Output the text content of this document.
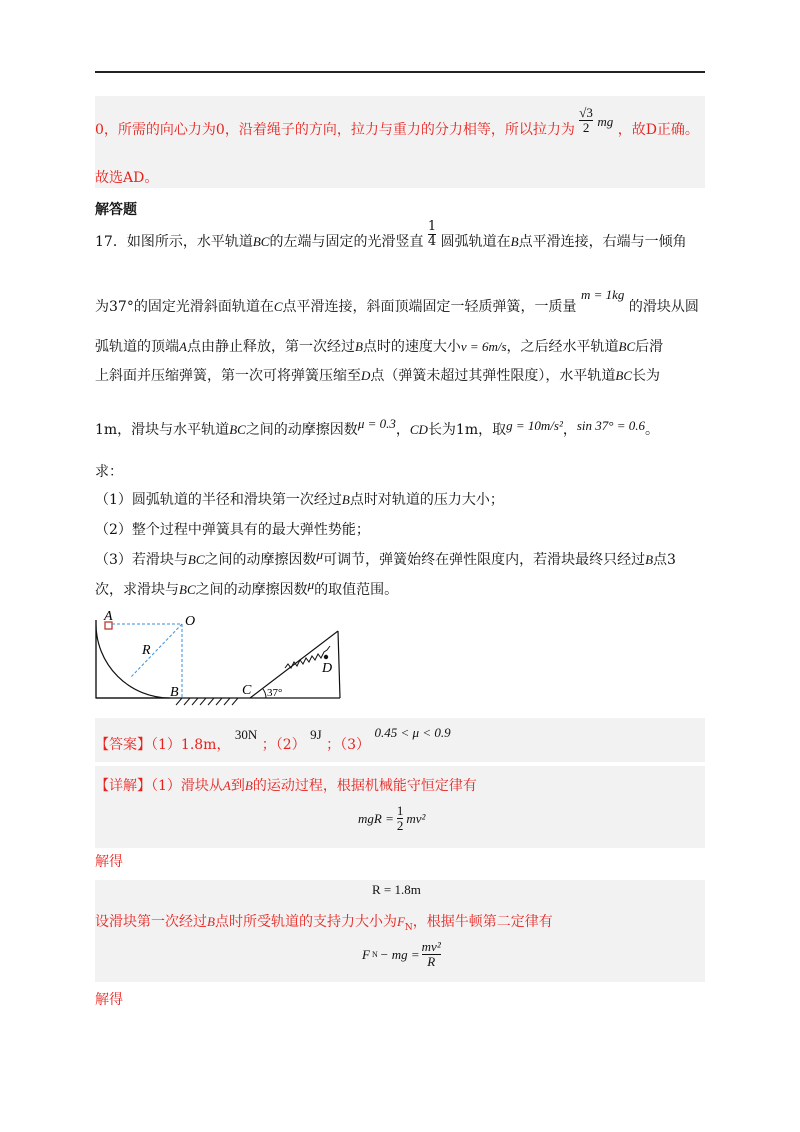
0，所需的向心力为0，沿着绳子的方向，拉力与重力的分力相等，所以拉力为 $\frac{√3}{2}$ mg ，故D正确。
故选AD。
解答题
17．如图所示，水平轨道BC的左端与固定的光滑竖直 $\frac{1}{4}$ 圆弧轨道在B点平滑连接，右端与一倾角
为37°的固定光滑斜面轨道在C点平滑连接，斜面顶端固定一轻质弹簧，一质量 m = 1kg 的滑块从圆
弧轨道的顶端A点由静止释放，第一次经过B点时的速度大小v = 6m/s，之后经水平轨道BC后滑
上斜面并压缩弹簧，第一次可将弹簧压缩至D点（弹簧未超过其弹性限度），水平轨道BC长为
1m，滑块与水平轨道BC之间的动摩擦因数μ = 0.3，CD长为1m，取g = 10m/s²，sin 37° = 0.6。
求：
（1）圆弧轨道的半径和滑块第一次经过B点时对轨道的压力大小；
（2）整个过程中弹簧具有的最大弹性势能；
（3）若滑块与BC之间的动摩擦因数μ可调节，弹簧始终在弹性限度内，若滑块最终只经过B点3
次，求滑块与BC之间的动摩擦因数μ的取值范围。
A	O
R
B	C
D
37°
【答案】（1）1.8m， 30N ；（2） 9J ；（3） 0.45 < μ < 0.9
【详解】（1）滑块从A到B的运动过程，根据机械能守恒定律有
mgR = $\frac{1}{2} mv^2$
解得
R = 1.8m
设滑块第一次经过B点时所受轨道的支持力大小为$F_N$，根据牛顿第二定律有
F N − mg = $\frac{\text{mv²}}{R}$
解得
